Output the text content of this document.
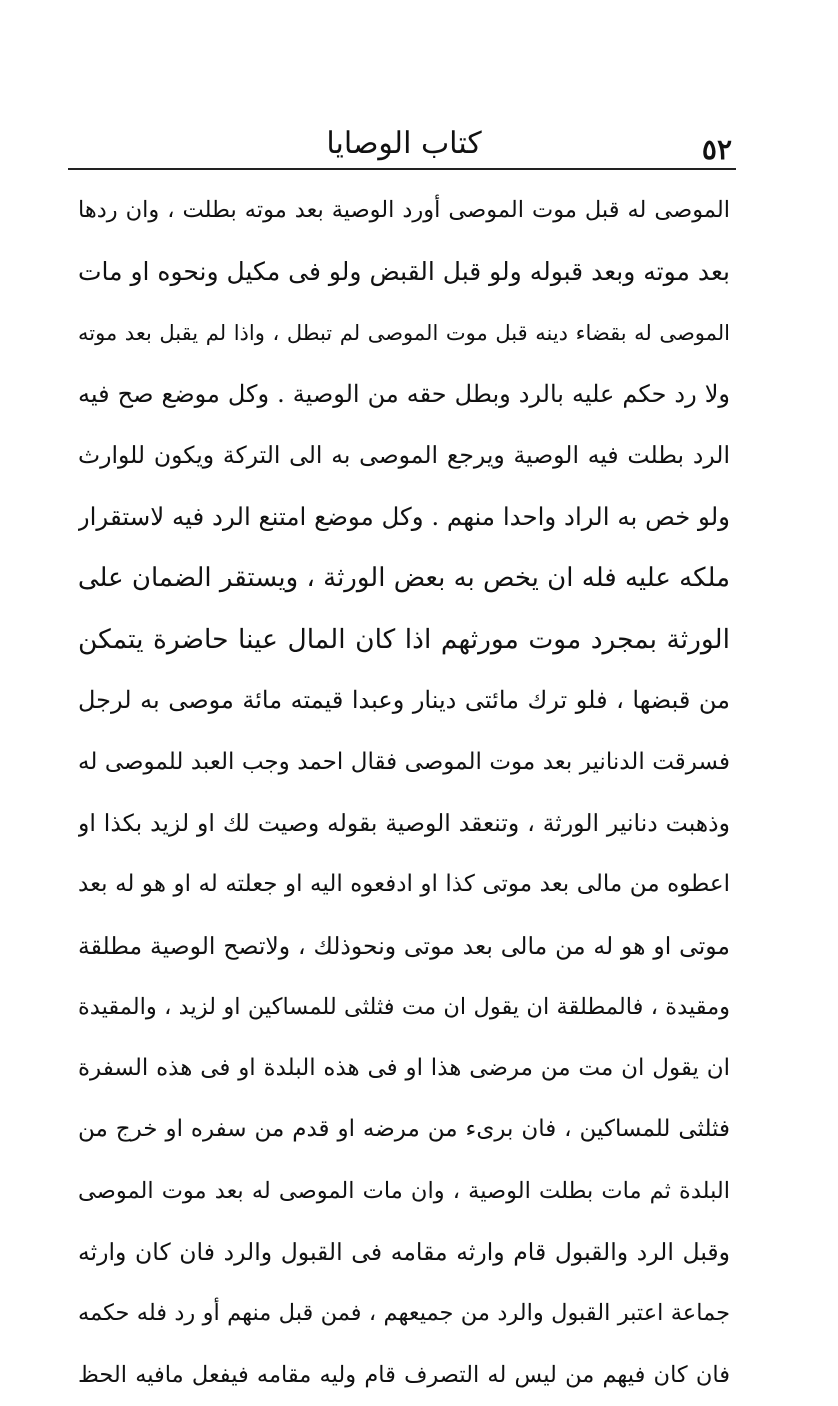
كتاب الوصايا	٥٢
الموصى له قبل موت الموصى أورد الوصية بعد موته بطلت ، وان ردها
بعد موته وبعد قبوله ولو قبل القبض ولو فى مكيل ونحوه او مات
الموصى له بقضاء دينه قبل موت الموصى لم تبطل ، واذا لم يقبل بعد موته
ولا رد حكم عليه بالرد وبطل حقه من الوصية . وكل موضع صح فيه
الرد بطلت فيه الوصية ويرجع الموصى به الى التركة ويكون للوارث
ولو خص به الراد واحدا منهم . وكل موضع امتنع الرد فيه لاستقرار
ملكه عليه فله ان يخص به بعض الورثة ، ويستقر الضمان على
الورثة بمجرد موت مورثهم اذا كان المال عينا حاضرة يتمكن
من قبضها ، فلو ترك مائتى دينار وعبدا قيمته مائة موصى به لرجل
فسرقت الدنانير بعد موت الموصى فقال احمد وجب العبد للموصى له
وذهبت دنانير الورثة ، وتنعقد الوصية بقوله وصيت لك او لزيد بكذا او
اعطوه من مالى بعد موتى كذا او ادفعوه اليه او جعلته له او هو له بعد
موتى او هو له من مالى بعد موتى ونحوذلك ، ولاتصح الوصية مطلقة
ومقيدة ، فالمطلقة ان يقول ان مت فثلثى للمساكين او لزيد ، والمقيدة
ان يقول ان مت من مرضى هذا او فى هذه البلدة او فى هذه السفرة
فثلثى للمساكين ، فان برىء من مرضه او قدم من سفره او خرج من
البلدة ثم مات بطلت الوصية ، وان مات الموصى له بعد موت الموصى
وقبل الرد والقبول قام وارثه مقامه فى القبول والرد فان كان وارثه
جماعة اعتبر القبول والرد من جميعهم ، فمن قبل منهم أو رد فله حكمه
فان كان فيهم من ليس له التصرف قام وليه مقامه فيفعل مافيه الحظ
